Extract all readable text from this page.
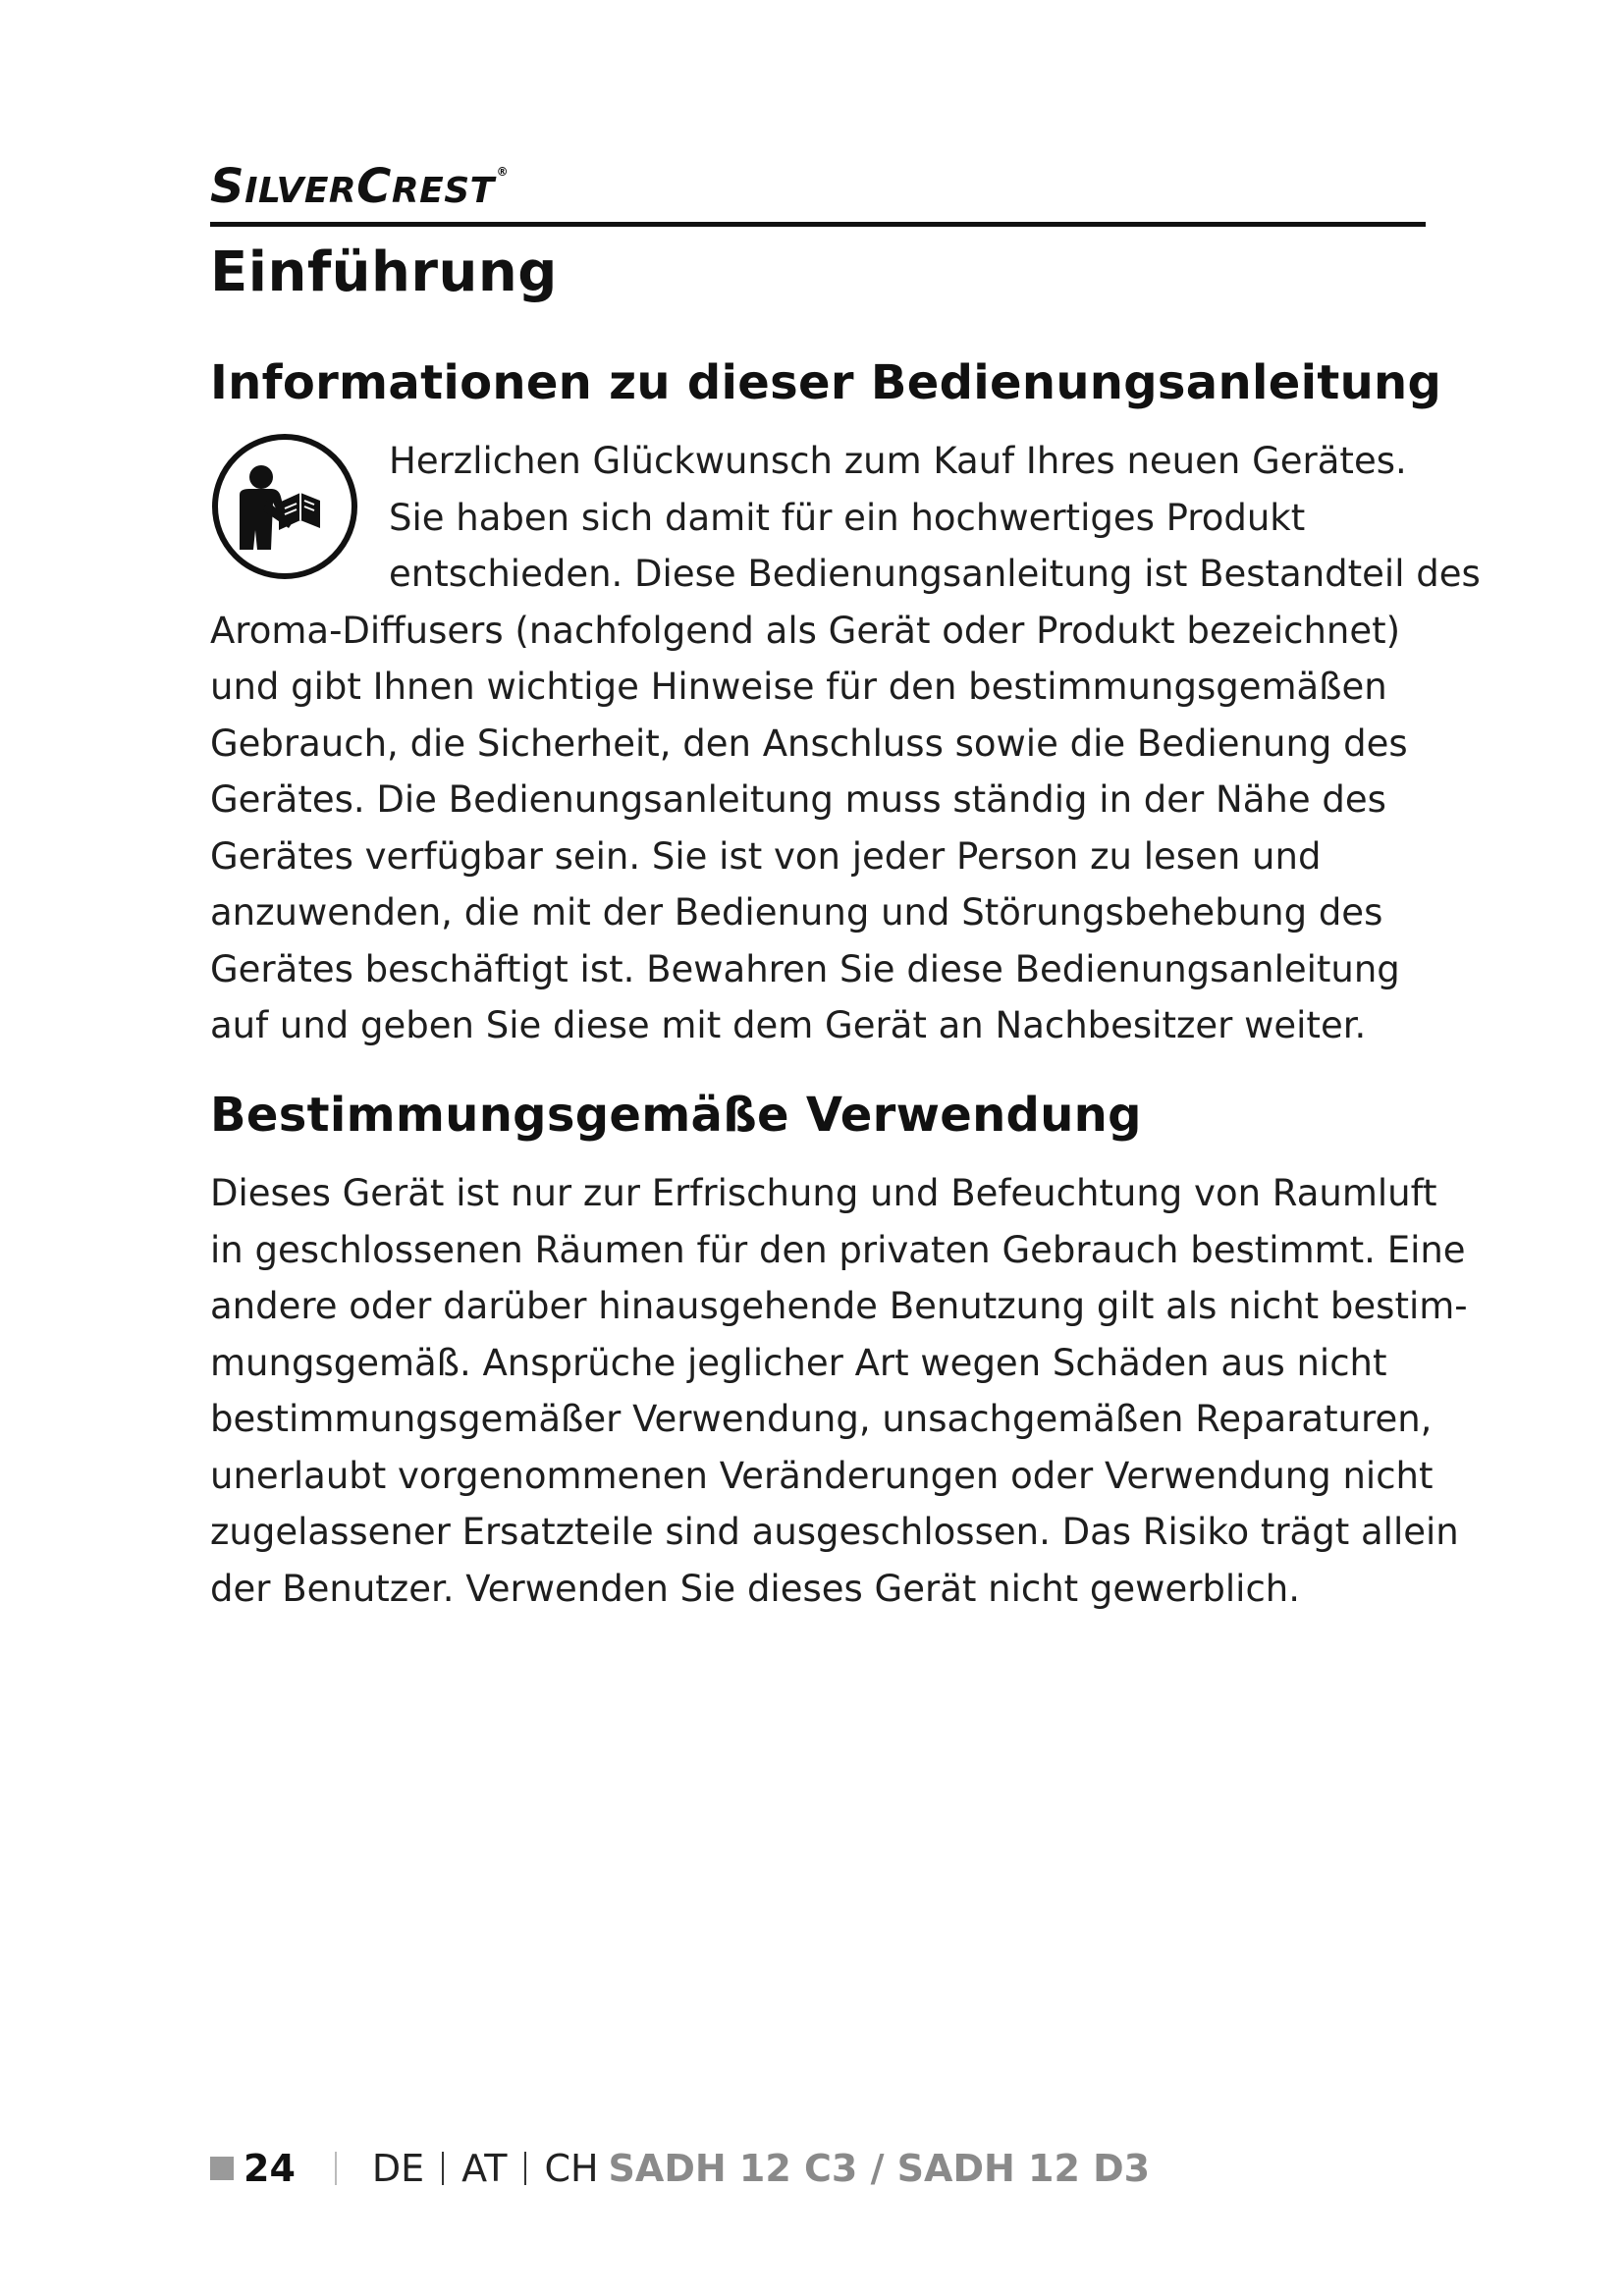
SILVERCREST ®
Einführung
Informationen zu dieser Bedienungsanleitung
Herzlichen Glückwunsch zum Kauf Ihres neuen Gerätes.
Sie haben sich damit für ein hochwertiges Produkt
entschieden. Diese Bedienungsanleitung ist Bestandteil des
Aroma-Diffusers (nachfolgend als Gerät oder Produkt bezeichnet)
und gibt Ihnen wichtige Hinweise für den bestimmungsgemäßen
Gebrauch, die Sicherheit, den Anschluss sowie die Bedienung des
Gerätes. Die Bedienungsanleitung muss ständig in der Nähe des
Gerätes verfügbar sein. Sie ist von jeder Person zu lesen und
anzuwenden, die mit der Bedienung und Störungsbehebung des
Gerätes beschäftigt ist. Bewahren Sie diese Bedienungsanleitung
auf und geben Sie diese mit dem Gerät an Nachbesitzer weiter.
Bestimmungsgemäße Verwendung
Dieses Gerät ist nur zur Erfrischung und Befeuchtung von Raumluft
in geschlossenen Räumen für den privaten Gebrauch bestimmt. Eine
andere oder darüber hinausgehende Benutzung gilt als nicht bestim-
mungsgemäß. Ansprüche jeglicher Art wegen Schäden aus nicht
bestimmungsgemäßer Verwendung, unsachgemäßen Reparaturen,
unerlaubt vorgenommenen Veränderungen oder Verwendung nicht
zugelassener Ersatzteile sind ausgeschlossen. Das Risiko trägt allein
der Benutzer. Verwenden Sie dieses Gerät nicht gewerblich.
24 DE AT CH SADH 12 C3 / SADH 12 D3
